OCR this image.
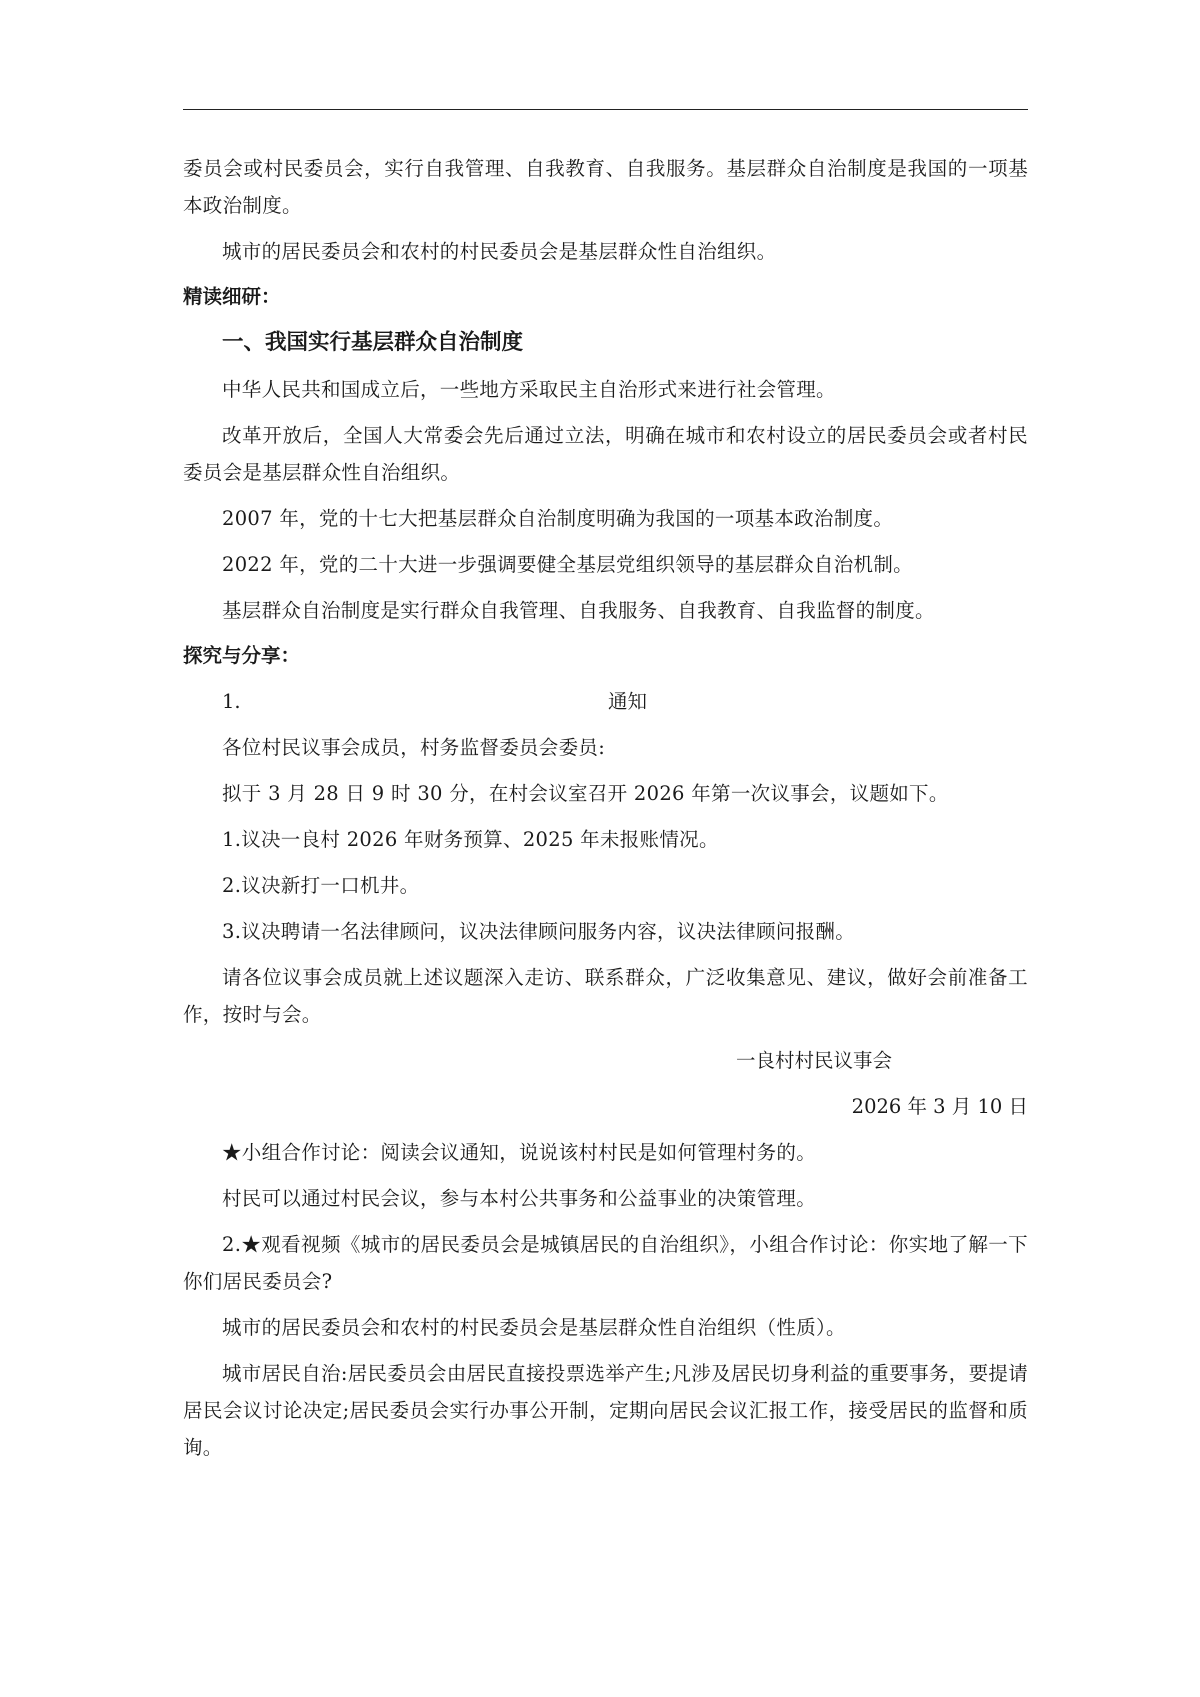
委员会或村民委员会，实行自我管理、自我教育、自我服务。基层群众自治制度是我国的一项基本政治制度。

城市的居民委员会和农村的村民委员会是基层群众性自治组织。

精读细研：
一、我国实行基层群众自治制度

中华人民共和国成立后，一些地方采取民主自治形式来进行社会管理。

改革开放后，全国人大常委会先后通过立法，明确在城市和农村设立的居民委员会或者村民委员会是基层群众性自治组织。

2007 年，党的十七大把基层群众自治制度明确为我国的一项基本政治制度。

2022 年，党的二十大进一步强调要健全基层党组织领导的基层群众自治机制。

基层群众自治制度是实行群众自我管理、自我服务、自我教育、自我监督的制度。

探究与分享：
1.	通知

各位村民议事会成员，村务监督委员会委员:

拟于 3 月 28 日 9 时 30 分，在村会议室召开 2026 年第一次议事会，议题如下。

1.议决一良村 2026 年财务预算、2025 年未报账情况。

2.议决新打一口机井。

3.议决聘请一名法律顾问，议决法律顾问服务内容，议决法律顾问报酬。

请各位议事会成员就上述议题深入走访、联系群众，广泛收集意见、建议，做好会前准备工作，按时与会。

一良村村民议事会
2026 年 3 月 10 日

★小组合作讨论：阅读会议通知，说说该村村民是如何管理村务的。

村民可以通过村民会议，参与本村公共事务和公益事业的决策管理。

2.★观看视频《城市的居民委员会是城镇居民的自治组织》，小组合作讨论：你实地了解一下你们居民委员会?

城市的居民委员会和农村的村民委员会是基层群众性自治组织（性质）。

城市居民自治:居民委员会由居民直接投票选举产生;凡涉及居民切身利益的重要事务，要提请居民会议讨论决定;居民委员会实行办事公开制，定期向居民会议汇报工作，接受居民的监督和质询。
